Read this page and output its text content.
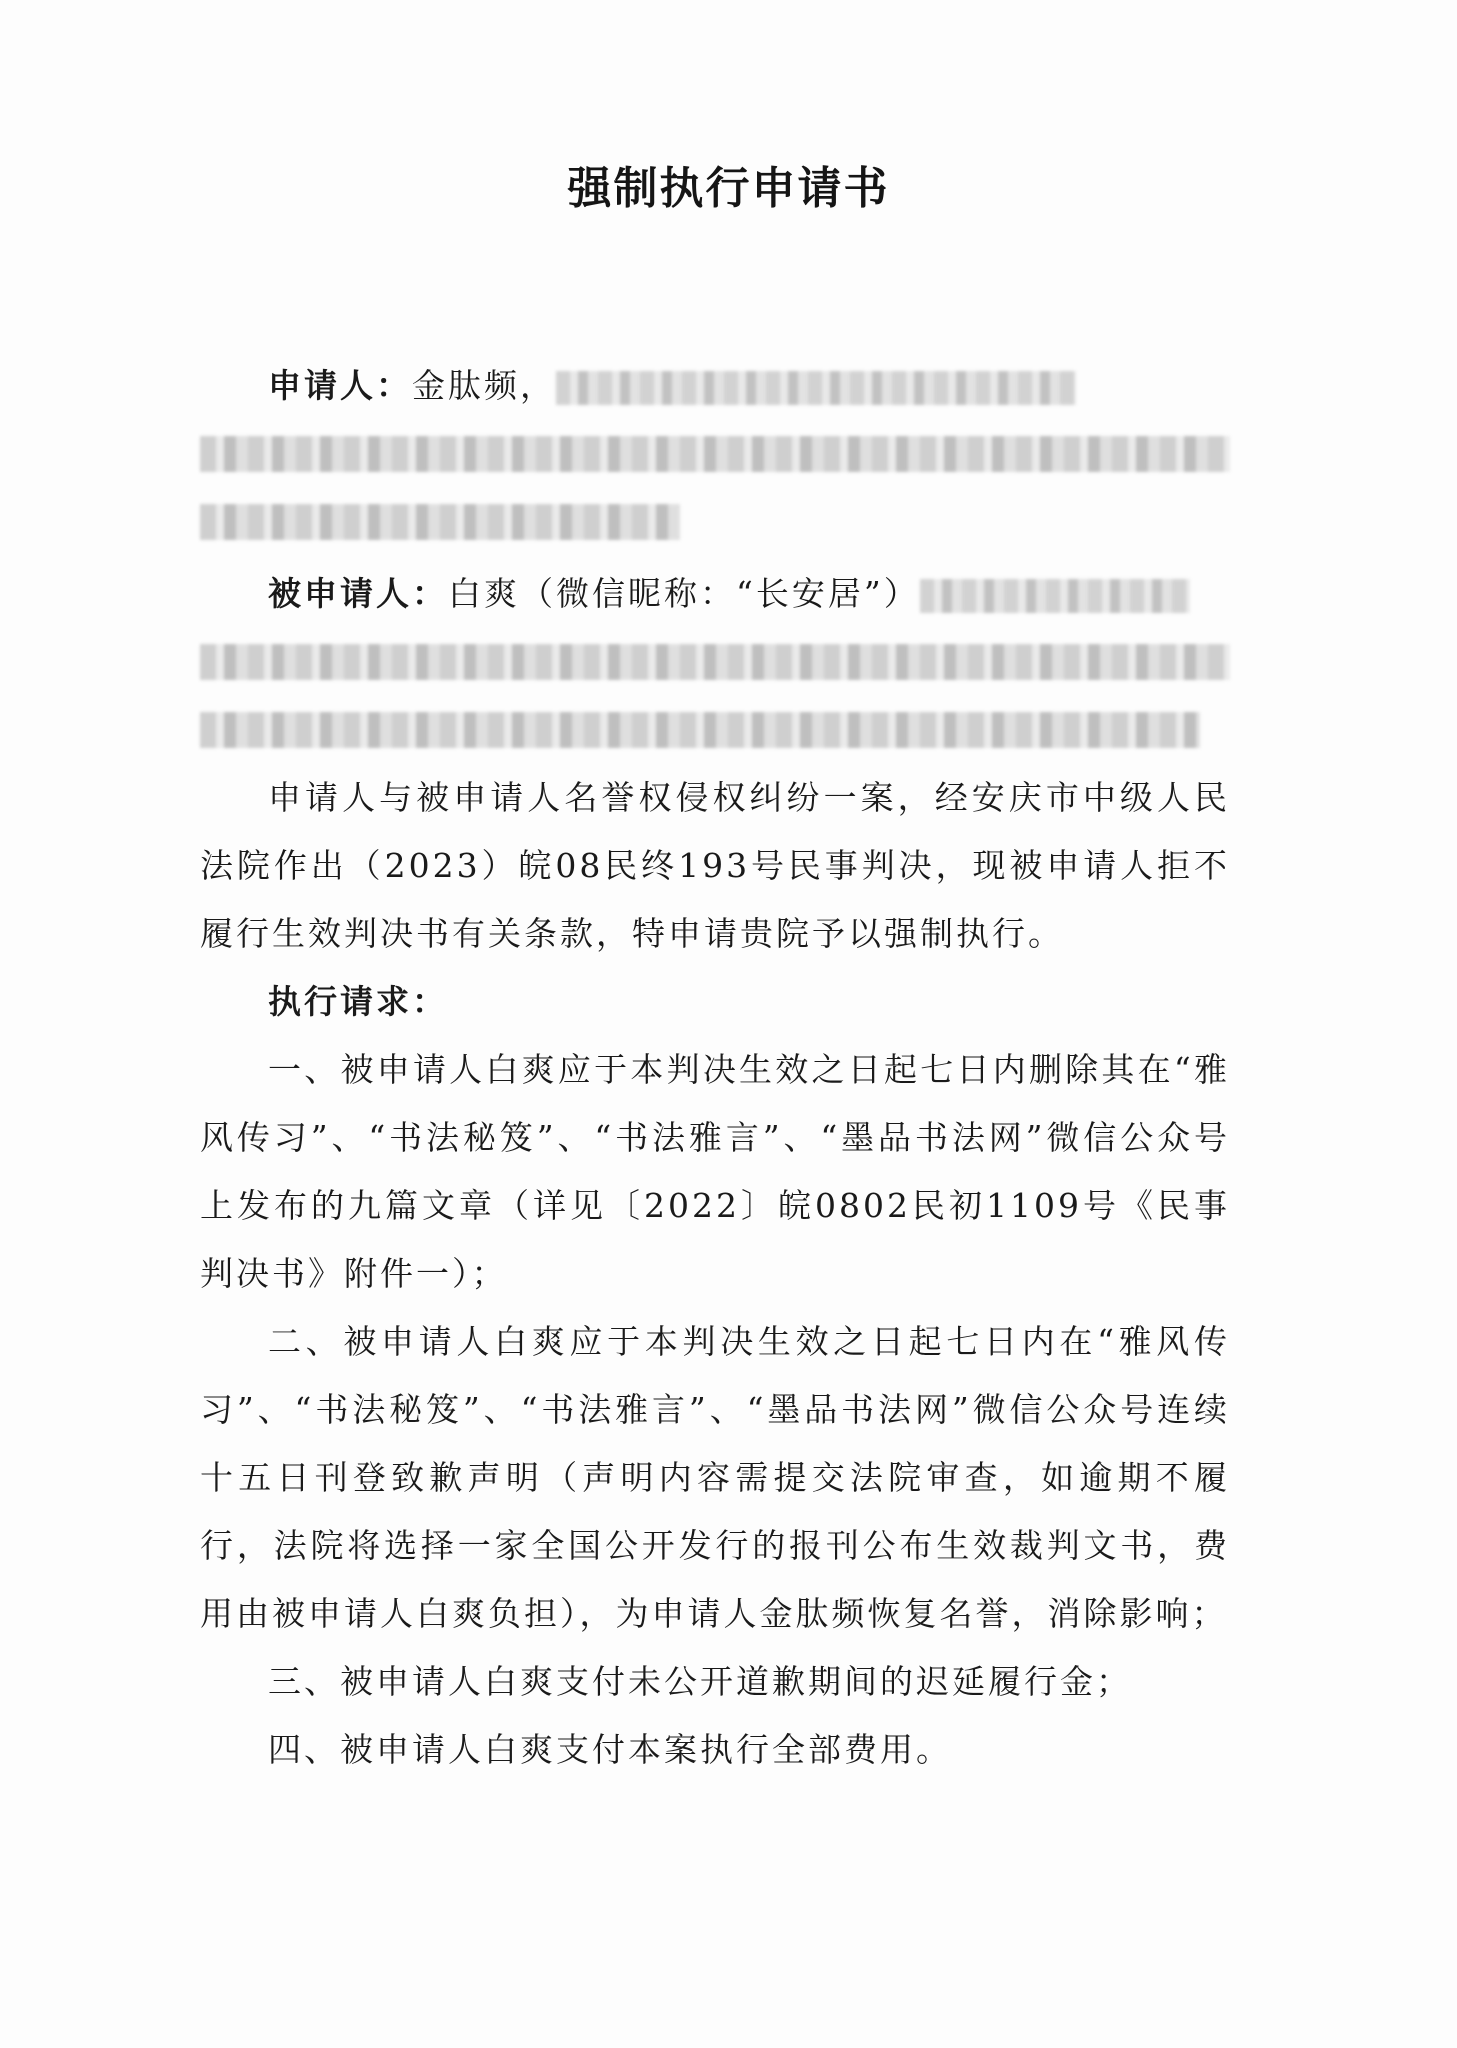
强制执行申请书

申请人：金肽频，

被申请人：白爽（微信昵称：“长安居”）

申请人与被申请人名誉权侵权纠纷一案，经安庆市中级人民法院作出（2023）皖08民终193号民事判决，现被申请人拒不履行生效判决书有关条款，特申请贵院予以强制执行。

执行请求：

一、被申请人白爽应于本判决生效之日起七日内删除其在“雅风传习”、“书法秘笈”、“书法雅言”、“墨品书法网”微信公众号上发布的九篇文章（详见〔2022〕皖0802民初1109号《民事判决书》附件一）；

二、被申请人白爽应于本判决生效之日起七日内在“雅风传习”、“书法秘笈”、“书法雅言”、“墨品书法网”微信公众号连续十五日刊登致歉声明（声明内容需提交法院审查，如逾期不履行，法院将选择一家全国公开发行的报刊公布生效裁判文书，费用由被申请人白爽负担），为申请人金肽频恢复名誉，消除影响；

三、被申请人白爽支付未公开道歉期间的迟延履行金；

四、被申请人白爽支付本案执行全部费用。
